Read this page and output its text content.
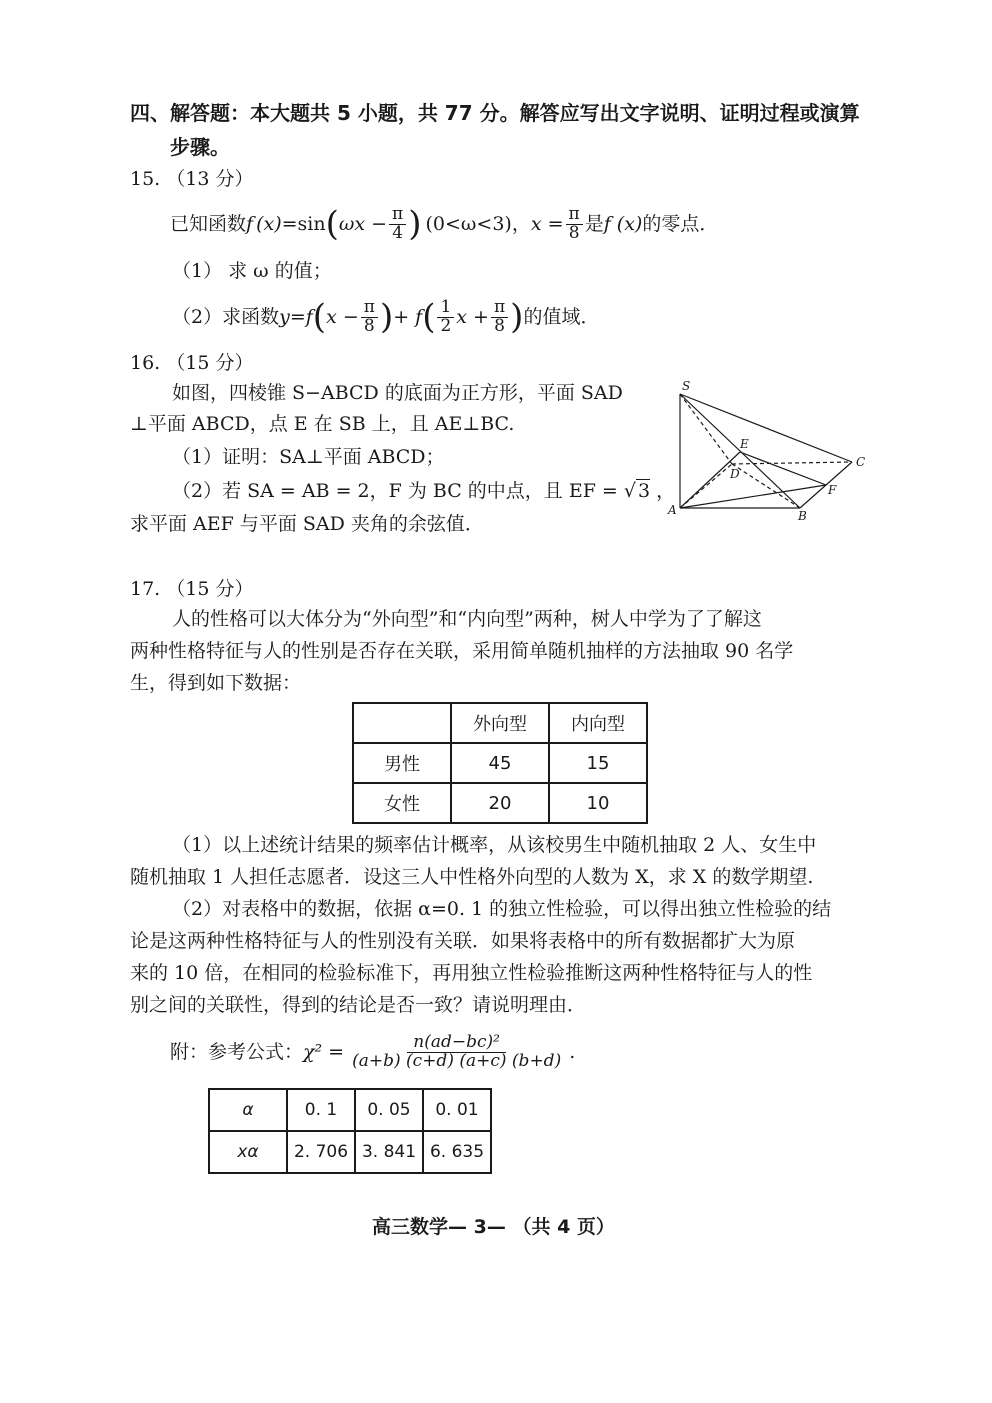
四、解答题：本大题共 5 小题，共 77 分。解答应写出文字说明、证明过程或演算
步骤。
15. （13 分）
已知函数 f (x) =sin ( $\omega x - \frac{\pi}{4}$ ) (0<ω<3) ， $x = \frac{\pi}{8}$ 是 f (x) 的零点．
（1） 求 ω 的值；
（2） 求函数 y=f ( $x - \frac{\pi}{8}$ ) + f ( $\frac{1}{2}$ $x + \frac{\pi}{8}$ ) 的值域．
16. （15 分）
如图，四棱锥 S−ABCD 的底面为正方形，平面 SAD
⊥平面 ABCD，点 E 在 SB 上，且 AE⊥BC.
（1）证明：SA⊥平面 ABCD；
（2）若 SA = AB = 2，F 为 BC 的中点，且 EF = √ 3 ，
求平面 AEF 与平面 SAD 夹角的余弦值．
S
A	B
C
D
E
F
17. （15 分）
人的性格可以大体分为“外向型”和“内向型”两种，树人中学为了了解这
两种性格特征与人的性别是否存在关联，采用简单随机抽样的方法抽取 90 名学
生，得到如下数据：
	外向型	内向型
男性	45	15
女性	20	10
（1）以上述统计结果的频率估计概率，从该校男生中随机抽取 2 人、女生中
随机抽取 1 人担任志愿者．设这三人中性格外向型的人数为 X，求 X 的数学期望.
（2）对表格中的数据，依据 α=0. 1 的独立性检验，可以得出独立性检验的结
论是这两种性格特征与人的性别没有关联．如果将表格中的所有数据都扩大为原
来的 10 倍，在相同的检验标准下，再用独立性检验推断这两种性格特征与人的性
别之间的关联性，得到的结论是否一致？请说明理由．
附：参考公式： $\chi^2 = \frac{\text{n(ad−bc)²}}{(a+b) (c+d) (a+c) (b+d)}$ .
α	0. 1	0. 05	0. 01
xα	2. 706	3. 841	6. 635
高三数学— 3— （共 4 页）
